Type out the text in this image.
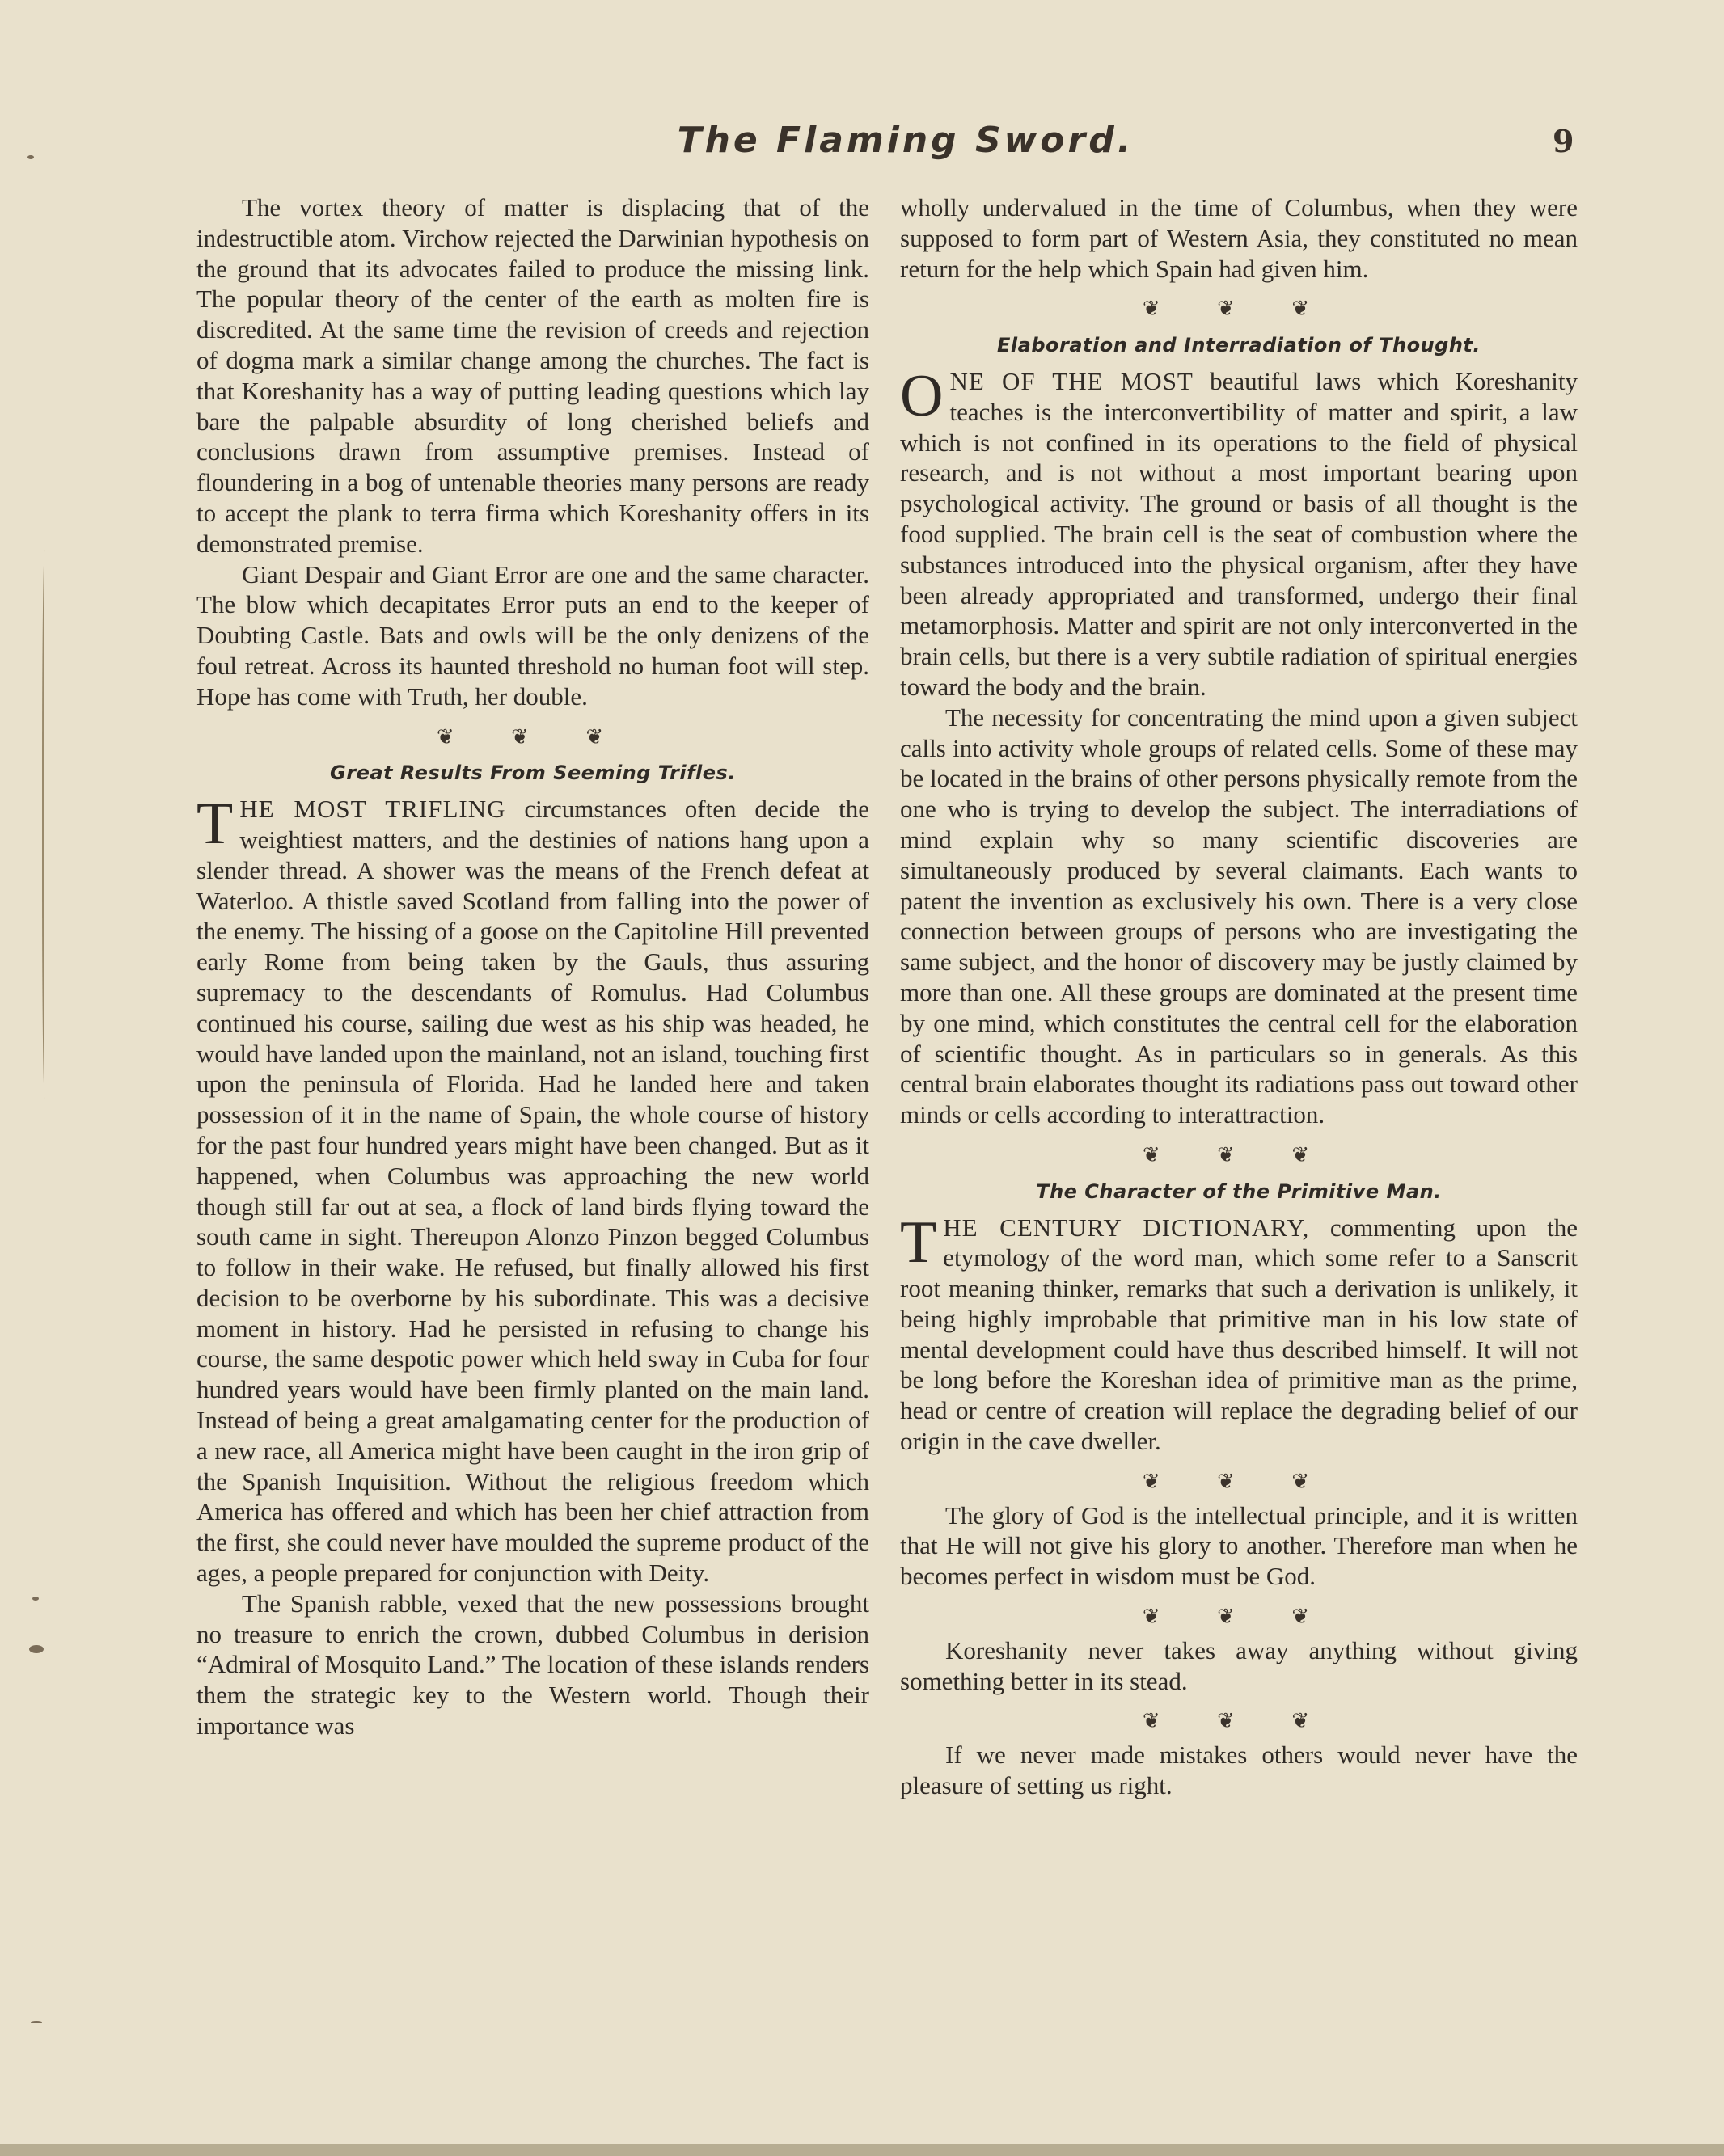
The Flaming Sword.	9

The vortex theory of matter is displacing that of the indestructible atom. Virchow rejected the Darwinian hypothesis on the ground that its advocates failed to produce the missing link. The popular theory of the center of the earth as molten fire is discredited. At the same time the revision of creeds and rejection of dogma mark a similar change among the churches. The fact is that Koreshanity has a way of putting leading questions which lay bare the palpable absurdity of long cherished beliefs and conclusions drawn from assumptive premises. Instead of floundering in a bog of untenable theories many persons are ready to accept the plank to terra firma which Koreshanity offers in its demonstrated premise.

Giant Despair and Giant Error are one and the same character. The blow which decapitates Error puts an end to the keeper of Doubting Castle. Bats and owls will be the only denizens of the foul retreat. Across its haunted threshold no human foot will step. Hope has come with Truth, her double.

❦ ❦ ❦
Great Results From Seeming Trifles.

THE MOST TRIFLING circumstances often decide the weightiest matters, and the destinies of nations hang upon a slender thread. A shower was the means of the French defeat at Waterloo. A thistle saved Scotland from falling into the power of the enemy. The hissing of a goose on the Capitoline Hill prevented early Rome from being taken by the Gauls, thus assuring supremacy to the descendants of Romulus. Had Columbus continued his course, sailing due west as his ship was headed, he would have landed upon the mainland, not an island, touching first upon the peninsula of Florida. Had he landed here and taken possession of it in the name of Spain, the whole course of history for the past four hundred years might have been changed. But as it happened, when Columbus was approaching the new world though still far out at sea, a flock of land birds flying toward the south came in sight. Thereupon Alonzo Pinzon begged Columbus to follow in their wake. He refused, but finally allowed his first decision to be overborne by his subordinate. This was a decisive moment in history. Had he persisted in refusing to change his course, the same despotic power which held sway in Cuba for four hundred years would have been firmly planted on the main land. Instead of being a great amalgamating center for the production of a new race, all America might have been caught in the iron grip of the Spanish Inquisition. Without the religious freedom which America has offered and which has been her chief attraction from the first, she could never have moulded the supreme product of the ages, a people prepared for conjunction with Deity.

The Spanish rabble, vexed that the new possessions brought no treasure to enrich the crown, dubbed Columbus in derision “Admiral of Mosquito Land.” The location of these islands renders them the strategic key to the Western world. Though their importance was

wholly undervalued in the time of Columbus, when they were supposed to form part of Western Asia, they constituted no mean return for the help which Spain had given him.

❦ ❦ ❦
Elaboration and Interradiation of Thought.

ONE OF THE MOST beautiful laws which Koreshanity teaches is the interconvertibility of matter and spirit, a law which is not confined in its operations to the field of physical research, and is not without a most important bearing upon psychological activity. The ground or basis of all thought is the food supplied. The brain cell is the seat of combustion where the substances introduced into the physical organism, after they have been already appropriated and transformed, undergo their final metamorphosis. Matter and spirit are not only interconverted in the brain cells, but there is a very subtile radiation of spiritual energies toward the body and the brain.

The necessity for concentrating the mind upon a given subject calls into activity whole groups of related cells. Some of these may be located in the brains of other persons physically remote from the one who is trying to develop the subject. The interradiations of mind explain why so many scientific discoveries are simultaneously produced by several claimants. Each wants to patent the invention as exclusively his own. There is a very close connection between groups of persons who are investigating the same subject, and the honor of discovery may be justly claimed by more than one. All these groups are dominated at the present time by one mind, which constitutes the central cell for the elaboration of scientific thought. As in particulars so in generals. As this central brain elaborates thought its radiations pass out toward other minds or cells according to interattraction.

❦ ❦ ❦
The Character of the Primitive Man.

THE CENTURY DICTIONARY, commenting upon the etymology of the word man, which some refer to a Sanscrit root meaning thinker, remarks that such a derivation is unlikely, it being highly improbable that primitive man in his low state of mental development could have thus described himself. It will not be long before the Koreshan idea of primitive man as the prime, head or centre of creation will replace the degrading belief of our origin in the cave dweller.

❦ ❦ ❦

The glory of God is the intellectual principle, and it is written that He will not give his glory to another. Therefore man when he becomes perfect in wisdom must be God.

❦ ❦ ❦

Koreshanity never takes away anything without giving something better in its stead.

❦ ❦ ❦

If we never made mistakes others would never have the pleasure of setting us right.
